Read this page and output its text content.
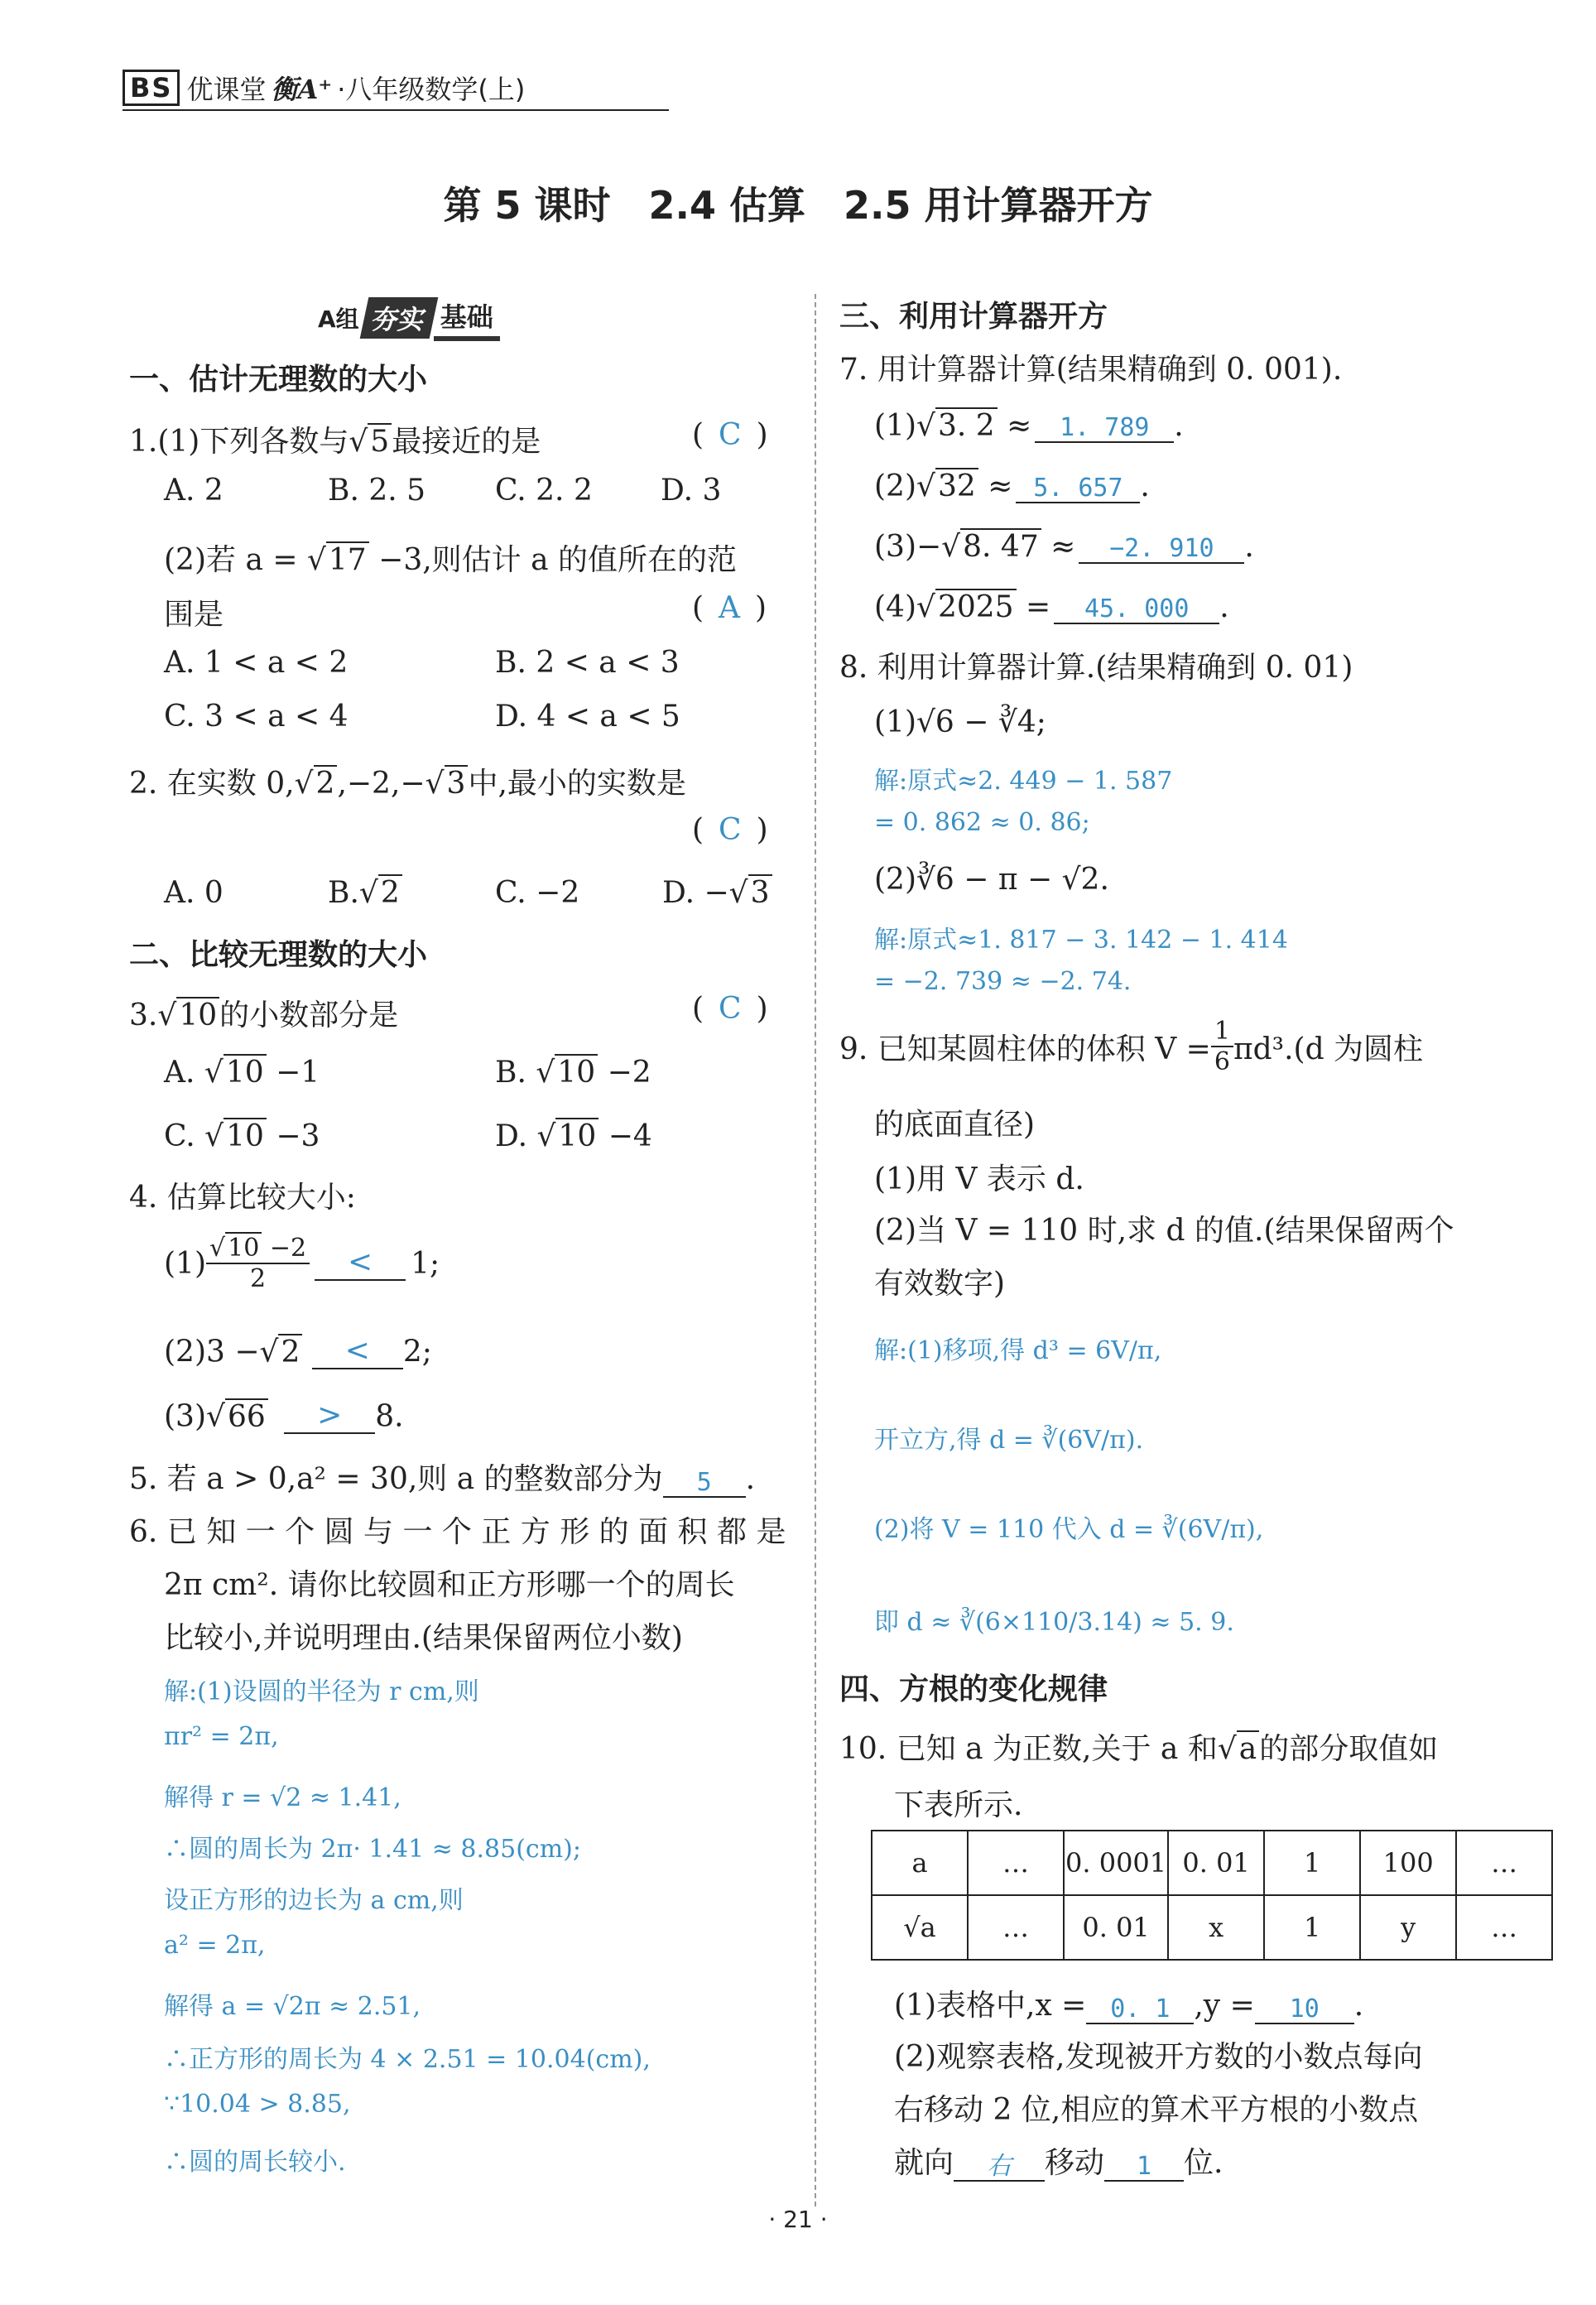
BS 优课堂 衡A⁺ ·八年级数学(上)
第 5 课时　2.4 估算　2.5 用计算器开方
A组 夯实 基础
一、估计无理数的大小
1.(1)下列各数与√5最接近的是	( C )
A. 2	B. 2. 5 C. 2. 2 D. 3
(2)若 a = √17 −3,则估计 a 的值所在的范
围是	( A )
A. 1 < a < 2	B. 2 < a < 3
C. 3 < a < 4	D. 4 < a < 5
2. 在实数 0,√2,−2,−√3中,最小的实数是
( C )
A. 0	B.√2	C. −2	D. −√3
二、比较无理数的大小
3.√10的小数部分是	( C )
A. √10 −1	B. √10 −2
C. √10 −3	D. √10 −4
4. 估算比较大小:
$(1) \frac{√ 10 -2}{2}$	<	1;
(2)3 −√2 < 2;
(3)√66 > 8.
5. 若 a > 0,a² = 30,则 a 的整数部分为 5 .
6. 已 知 一 个 圆 与 一 个 正 方 形 的 面 积 都 是
2π cm². 请你比较圆和正方形哪一个的周长
比较小,并说明理由.(结果保留两位小数)
解:(1)设圆的半径为 r cm,则
πr² = 2π,
解得 r = √2 ≈ 1.41,
∴圆的周长为 2π· 1.41 ≈ 8.85(cm);
设正方形的边长为 a cm,则
a² = 2π,
解得 a = √2π ≈ 2.51,
∴正方形的周长为 4 × 2.51 = 10.04(cm),
∵10.04 > 8.85,
∴圆的周长较小.
三、利用计算器开方
7. 用计算器计算(结果精确到 0. 001).
(1)√3. 2 ≈ 1. 789 .
(2)√32 ≈ 5. 657 .
(3)−√8. 47 ≈ −2. 910 .
(4)√2025 = 45. 000 .
8. 利用计算器计算.(结果精确到 0. 01)
(1)√6 − ∛4;
解:原式≈2. 449 − 1. 587
= 0. 862 ≈ 0. 86;
(2)∛6 − π − √2.
解:原式≈1. 817 − 3. 142 − 1. 414
= −2. 739 ≈ −2. 74.
9. 已知某圆柱体的体积 $V = \frac{1}{6} \pi d^3.(d$ 为圆柱
的底面直径)
(1)用 V 表示 d.
(2)当 V = 110 时,求 d 的值.(结果保留两个
有效数字)
解:(1)移项,得 d³ = 6V/π,
开立方,得 d = ∛(6V/π).
(2)将 V = 110 代入 d = ∛(6V/π),
即 d ≈ ∛(6×110/3.14) ≈ 5. 9.
四、方根的变化规律
10. 已知 a 为正数,关于 a 和√a的部分取值如
下表所示.
a	…	0. 0001	0. 01	1	100	…
√a	…	0. 01	x	1	y	…
(1)表格中,x = 0. 1 ,y = 10 .
(2)观察表格,发现被开方数的小数点每向
右移动 2 位,相应的算术平方根的小数点
就向 右 移动 1 位.
· 21 ·
